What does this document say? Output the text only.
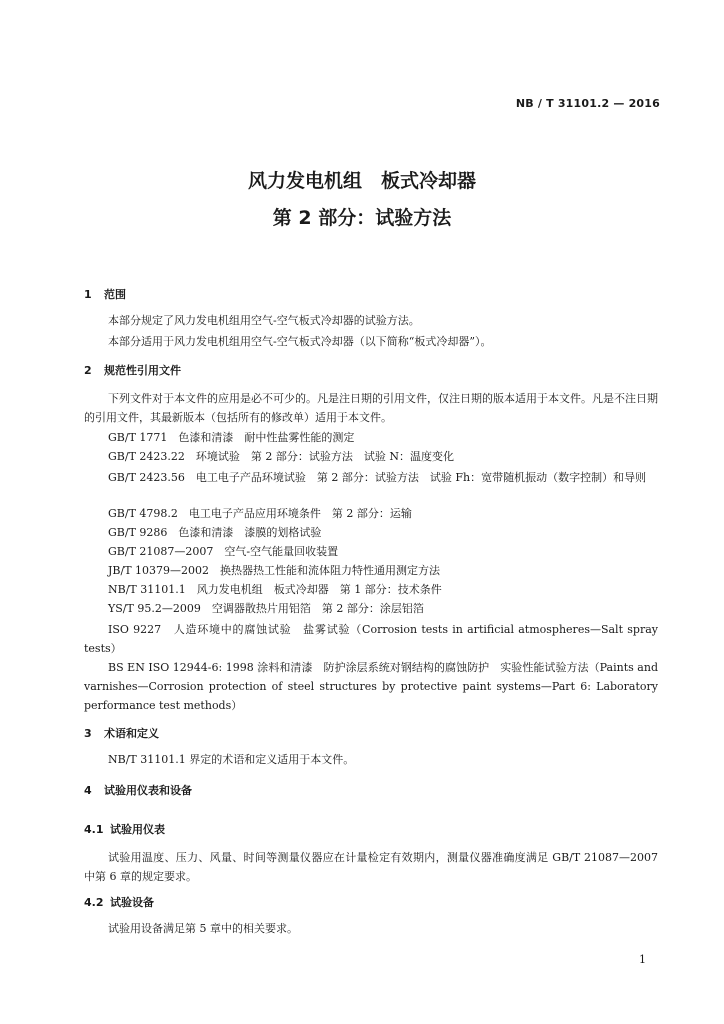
NB / T 31101.2 — 2016
风力发电机组　板式冷却器
第 2 部分：试验方法
1 范围
本部分规定了风力发电机组用空气-空气板式冷却器的试验方法。
本部分适用于风力发电机组用空气-空气板式冷却器（以下简称“板式冷却器”）。
2 规范性引用文件
下列文件对于本文件的应用是必不可少的。凡是注日期的引用文件，仅注日期的版本适用于本文件。凡是不注日期的引用文件，其最新版本（包括所有的修改单）适用于本文件。
GB/T 1771　色漆和清漆　耐中性盐雾性能的测定
GB/T 2423.22　环境试验　第 2 部分：试验方法　试验 N：温度变化
GB/T 2423.56　电工电子产品环境试验　第 2 部分：试验方法　试验 Fh：宽带随机振动（数字控制）和导则
GB/T 4798.2　电工电子产品应用环境条件　第 2 部分：运输
GB/T 9286　色漆和清漆　漆膜的划格试验
GB/T 21087—2007　空气-空气能量回收装置
JB/T 10379—2002　换热器热工性能和流体阻力特性通用测定方法
NB/T 31101.1　风力发电机组　板式冷却器　第 1 部分：技术条件
YS/T 95.2—2009　空调器散热片用铝箔　第 2 部分：涂层铝箔
ISO 9227　人造环境中的腐蚀试验　盐雾试验（Corrosion tests in artificial atmospheres—Salt spray tests）
BS EN ISO 12944-6: 1998 涂料和清漆　防护涂层系统对钢结构的腐蚀防护　实验性能试验方法（Paints and varnishes—Corrosion protection of steel structures by protective paint systems—Part 6: Laboratory performance test methods）
3 术语和定义
NB/T 31101.1 界定的术语和定义适用于本文件。
4 试验用仪表和设备
4.1 试验用仪表
试验用温度、压力、风量、时间等测量仪器应在计量检定有效期内，测量仪器准确度满足 GB/T 21087—2007 中第 6 章的规定要求。
4.2 试验设备
试验用设备满足第 5 章中的相关要求。
1
